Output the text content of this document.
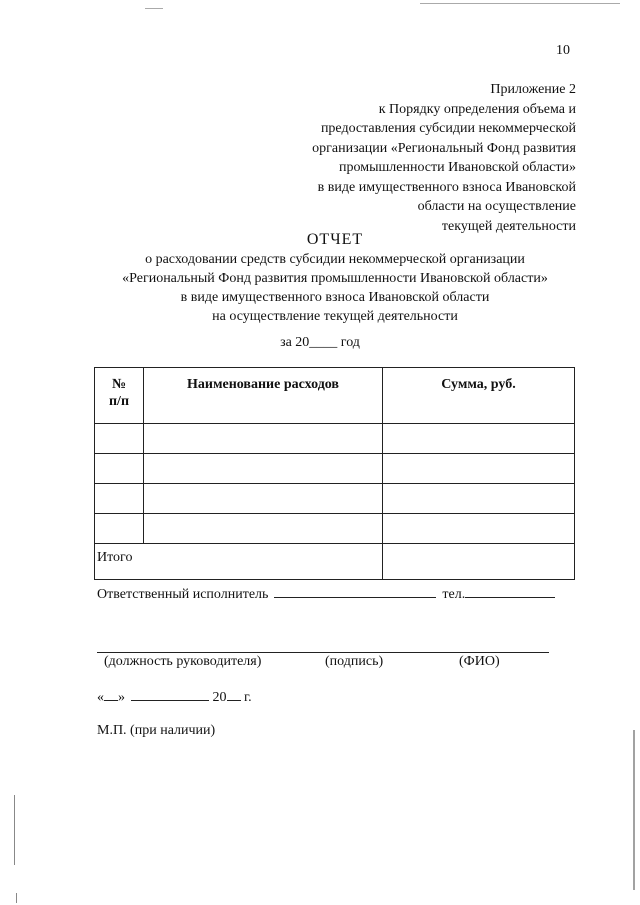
10
Приложение 2
к Порядку определения объема и
предоставления субсидии некоммерческой
организации «Региональный Фонд развития
промышленности Ивановской области»
в виде имущественного взноса Ивановской
области на осуществление
текущей деятельности
ОТЧЕТ
о расходовании средств субсидии некоммерческой организации
«Региональный Фонд развития промышленности Ивановской области»
в виде имущественного взноса Ивановской области
на осуществление текущей деятельности
за 20____ год
№
п/п	Наименование расходов	Сумма, руб.

Итого		
Ответственный исполнитель	тел.
(должность руководителя)	(подпись)	(ФИО)
« »	20 г.
М.П. (при наличии)
